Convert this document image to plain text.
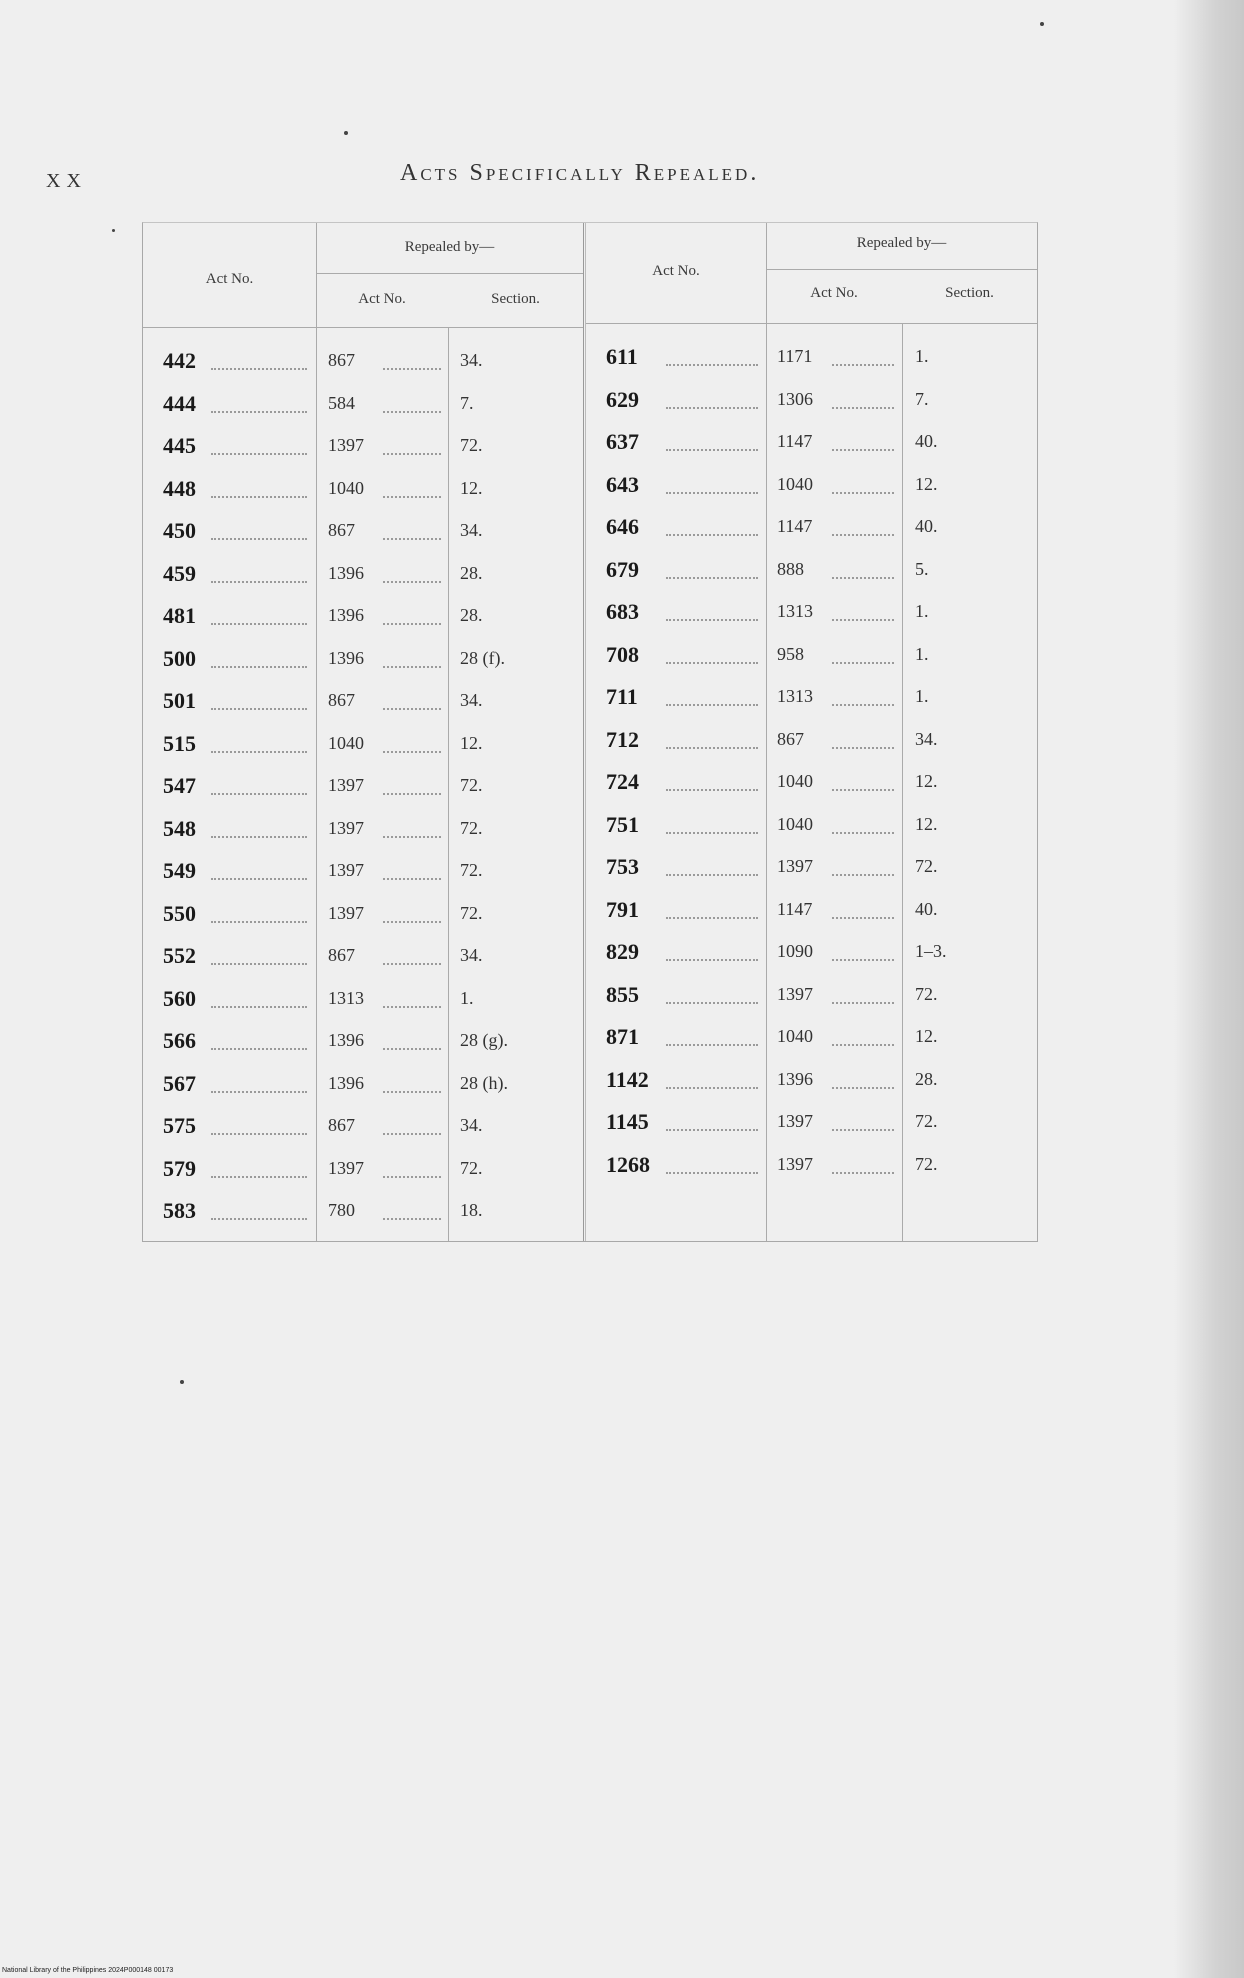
XX	Acts Specifically Repealed.
Act No.
Repealed by—
Act No.	Section.
442	867	34.
444	584	7.
445	1397	72.
448	1040	12.
450	867	34.
459	1396	28.
481	1396	28.
500	1396	28 (f).
501	867	34.
515	1040	12.
547	1397	72.
548	1397	72.
549	1397	72.
550	1397	72.
552	867	34.
560	1313	1.
566	1396	28 (g).
567	1396	28 (h).
575	867	34.
579	1397	72.
583	780	18.
Act No.
Repealed by—
Act No.	Section.
611	1171	1.
629	1306	7.
637	1147	40.
643	1040	12.
646	1147	40.
679	888	5.
683	1313	1.
708	958	1.
711	1313	1.
712	867	34.
724	1040	12.
751	1040	12.
753	1397	72.
791	1147	40.
829	1090	1–3.
855	1397	72.
871	1040	12.
1142	1396	28.
1145	1397	72.
1268	1397	72.
National Library of the Philippines 2024P000148 00173
